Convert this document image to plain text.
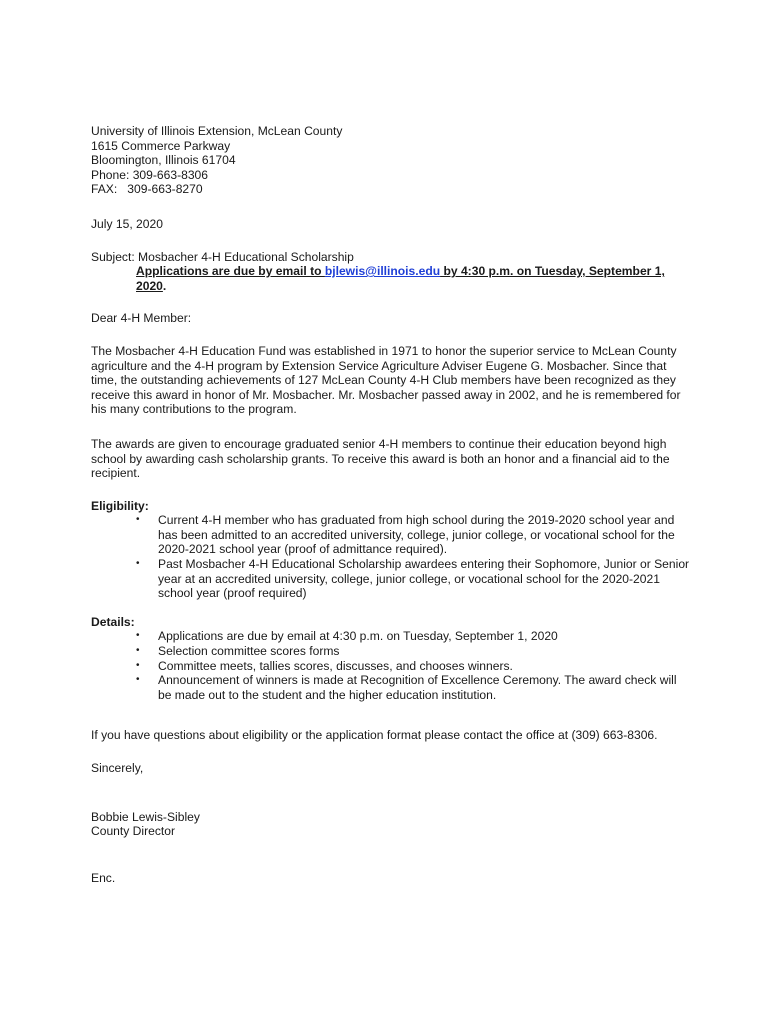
University of Illinois Extension, McLean County
1615 Commerce Parkway
Bloomington, Illinois 61704
Phone: 309-663-8306
FAX:   309-663-8270
July 15, 2020
Subject: Mosbacher 4-H Educational Scholarship

Applications are due by email to bjlewis@illinois.edu by 4:30 p.m. on Tuesday, September 1, 2020.

Dear 4-H Member:

The Mosbacher 4-H Education Fund was established in 1971 to honor the superior service to McLean County agriculture and the 4-H program by Extension Service Agriculture Adviser Eugene G. Mosbacher. Since that time, the outstanding achievements of 127 McLean County 4-H Club members have been recognized as they receive this award in honor of Mr. Mosbacher. Mr. Mosbacher passed away in 2002, and he is remembered for his many contributions to the program.

The awards are given to encourage graduated senior 4-H members to continue their education beyond high school by awarding cash scholarship grants. To receive this award is both an honor and a financial aid to the recipient.

Eligibility:
• Current 4-H member who has graduated from high school during the 2019-2020 school year and has been admitted to an accredited university, college, junior college, or vocational school for the 2020-2021 school year (proof of admittance required).
• Past Mosbacher 4-H Educational Scholarship awardees entering their Sophomore, Junior or Senior year at an accredited university, college, junior college, or vocational school for the 2020-2021 school year (proof required)
Details:
• Applications are due by email at 4:30 p.m. on Tuesday, September 1, 2020
• Selection committee scores forms
• Committee meets, tallies scores, discusses, and chooses winners.
• Announcement of winners is made at Recognition of Excellence Ceremony. The award check will be made out to the student and the higher education institution.

If you have questions about eligibility or the application format please contact the office at (309) 663-8306.

Sincerely,
Bobbie Lewis-Sibley
County Director
Enc.
